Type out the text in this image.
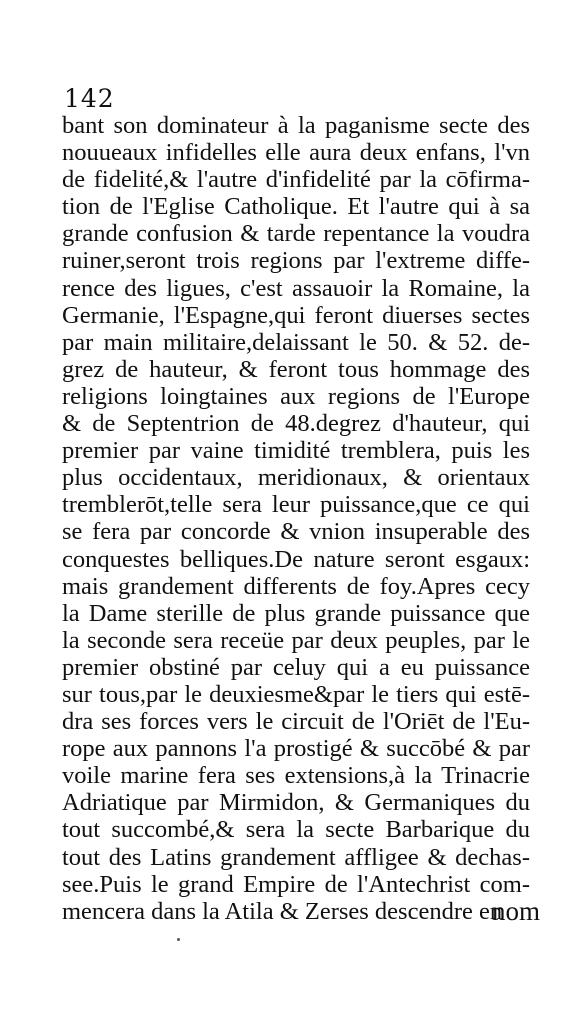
142
bant son dominateur à la paganisme secte des
nouueaux infidelles elle aura deux enfans, l'vn
de fidelité,& l'autre d'infidelité par la cōfirma-
tion de l'Eglise Catholique. Et l'autre qui à sa
grande confusion & tarde repentance la voudra
ruiner,seront trois regions par l'extreme diffe-
rence des ligues, c'est assauoir la Romaine, la
Germanie, l'Espagne,qui feront diuerses sectes
par main militaire,delaissant le 50. & 52. de-
grez de hauteur, & feront tous hommage des
religions loingtaines aux regions de l'Europe
& de Septentrion de 48.degrez d'hauteur, qui
premier par vaine timidité tremblera, puis les
plus occidentaux, meridionaux, & orientaux
tremblerōt,telle sera leur puissance,que ce qui
se fera par concorde & vnion insuperable des
conquestes belliques.De nature seront esgaux:
mais grandement differents de foy.Apres cecy
la Dame sterille de plus grande puissance que
la seconde sera receüe par deux peuples, par le
premier obstiné par celuy qui a eu puissance
sur tous,par le deuxiesme&par le tiers qui estē-
dra ses forces vers le circuit de l'Oriēt de l'Eu-
rope aux pannons l'a prostigé & succōbé & par
voile marine fera ses extensions,à la Trinacrie
Adriatique par Mirmidon, & Germaniques du
tout succombé,& sera la secte Barbarique du
tout des Latins grandement affligee & dechas-
see.Puis le grand Empire de l'Antechrist com-
mencera dans la Atila & Zerses descendre en
nom
